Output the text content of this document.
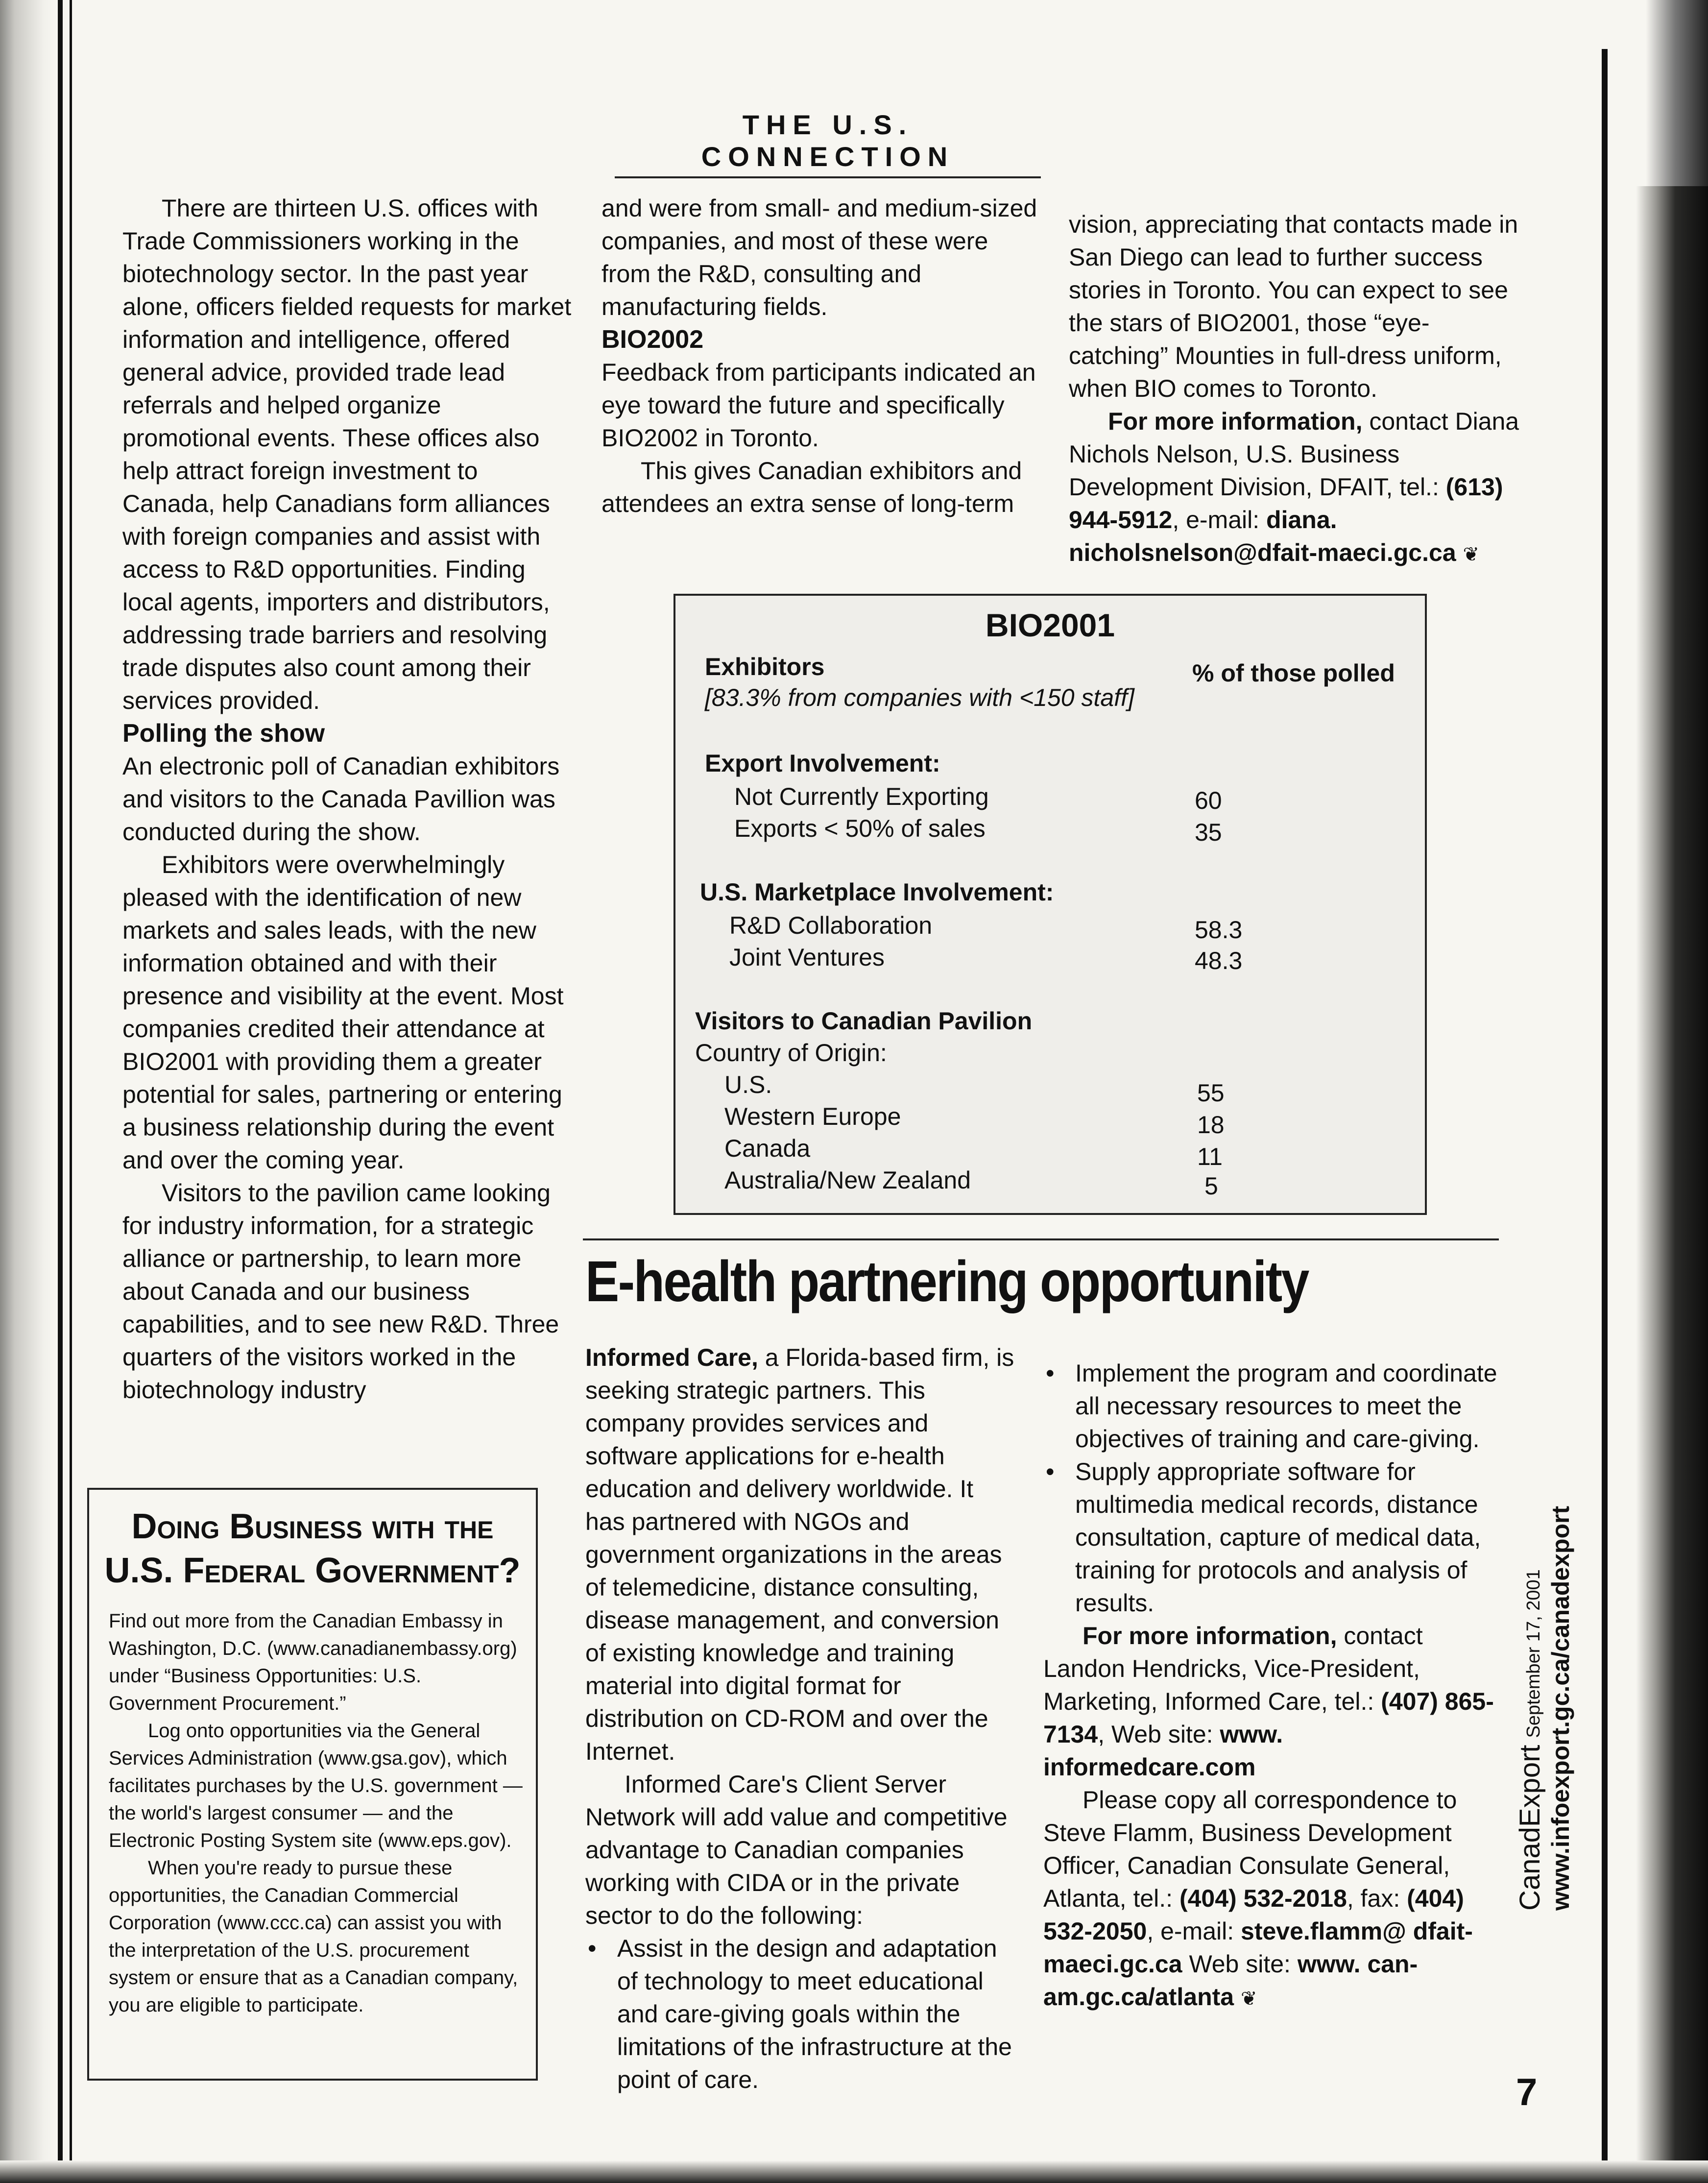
THE U.S. CONNECTION

There are thirteen U.S. offices with Trade Commissioners working in the biotechnology sector. In the past year alone, officers fielded requests for market information and intelligence, offered general advice, provided trade lead referrals and helped organize promotional events. These offices also help attract foreign investment to Canada, help Canadians form alliances with foreign companies and assist with access to R&D opportunities. Finding local agents, importers and distributors, addressing trade barriers and resolving trade disputes also count among their services provided.

Polling the show

An electronic poll of Canadian exhibitors and visitors to the Canada Pavillion was conducted during the show.

Exhibitors were overwhelmingly pleased with the identification of new markets and sales leads, with the new information obtained and with their presence and visibility at the event. Most companies credited their attendance at BIO2001 with providing them a greater potential for sales, partnering or entering a business relationship during the event and over the coming year.

Visitors to the pavilion came looking for industry information, for a strategic alliance or partnership, to learn more about Canada and our business capabilities, and to see new R&D. Three quarters of the visitors worked in the biotechnology industry

and were from small- and medium-sized companies, and most of these were from the R&D, consulting and manufacturing fields.

BIO2002

Feedback from participants indicated an eye toward the future and specifically BIO2002 in Toronto.

This gives Canadian exhibitors and attendees an extra sense of long-term

vision, appreciating that contacts made in San Diego can lead to further success stories in Toronto. You can expect to see the stars of BIO2001, those “eye-catching” Mounties in full-dress uniform, when BIO comes to Toronto.

For more information, contact Diana Nichols Nelson, U.S. Business Development Division, DFAIT, tel.: (613) 944-5912, e-mail: diana. nicholsnelson@dfait-maeci.gc.ca ❦

BIO2001
Exhibitors
[83.3% from companies with <150 staff]
% of those polled
Export Involvement:
Not Currently Exporting	60
Exports < 50% of sales	35
U.S. Marketplace Involvement:
R&D Collaboration	58.3
Joint Ventures	48.3
Visitors to Canadian Pavilion
Country of Origin:
U.S.	55
Western Europe	18
Canada	11
Australia/New Zealand	5
E-health partnering opportunity

Informed Care, a Florida-based firm, is seeking strategic partners. This company provides services and software applications for e-health education and delivery worldwide. It has partnered with NGOs and government organizations in the areas of telemedicine, distance consulting, disease management, and conversion of existing knowledge and training material into digital format for distribution on CD-ROM and over the Internet.

Informed Care's Client Server Network will add value and competitive advantage to Canadian companies working with CIDA or in the private sector to do the following:

• Assist in the design and adaptation of technology to meet educational and care-giving goals within the limitations of the infrastructure at the point of care.

• Implement the program and coordinate all necessary resources to meet the objectives of training and care-giving.

• Supply appropriate software for multimedia medical records, distance consultation, capture of medical data, training for protocols and analysis of results.

For more information, contact Landon Hendricks, Vice-President, Marketing, Informed Care, tel.: (407) 865-7134, Web site: www. informedcare.com

Please copy all correspondence to Steve Flamm, Business Development Officer, Canadian Consulate General, Atlanta, tel.: (404) 532-2018, fax: (404) 532-2050, e-mail: steve.flamm@ dfait-maeci.gc.ca Web site: www. can-am.gc.ca/atlanta ❦

Doing Business with the
U.S. Federal Government?

Find out more from the Canadian Embassy in Washington, D.C. (www.canadianembassy.org) under “Business Opportunities: U.S. Government Procurement.”

Log onto opportunities via the General Services Administration (www.gsa.gov), which facilitates purchases by the U.S. government — the world's largest consumer — and the Electronic Posting System site (www.eps.gov).

When you're ready to pursue these opportunities, the Canadian Commercial Corporation (www.ccc.ca) can assist you with the interpretation of the U.S. procurement system or ensure that as a Canadian company, you are eligible to participate.

CanadExport September 17, 2001 www.infoexport.gc.ca/canadexport
7
